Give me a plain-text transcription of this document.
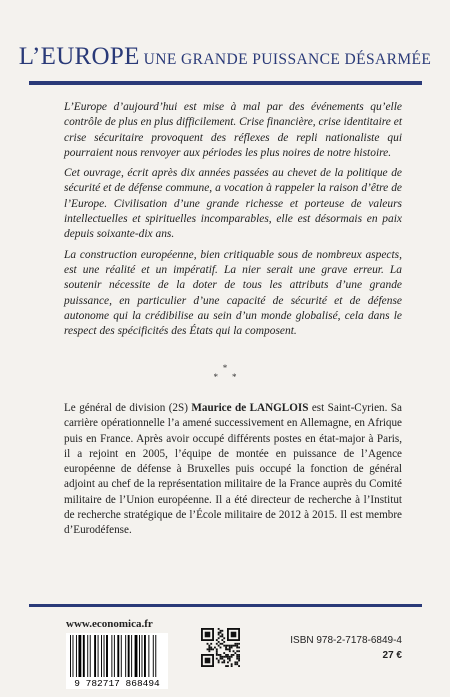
L’EUROPE UNE GRANDE PUISSANCE DÉSARMÉE

L’Europe d’aujourd’hui est mise à mal par des événements qu’elle contrôle de plus en plus difficilement. Crise financière, crise identitaire et crise sécuritaire provoquent des réflexes de repli nationaliste qui pourraient nous renvoyer aux périodes les plus noires de notre histoire.

Cet ouvrage, écrit après dix années passées au chevet de la politique de sécurité et de défense commune, a vocation à rappeler la raison d’être de l’Europe. Civilisation d’une grande richesse et porteuse de valeurs intellectuelles et spirituelles incomparables, elle est désormais en paix depuis soixante-dix ans.

La construction européenne, bien critiquable sous de nombreux aspects, est une réalité et un impératif. La nier serait une grave erreur. La soutenir nécessite de la doter de tous les attributs d’une grande puissance, en particulier d’une capacité de sécurité et de défense autonome qui la crédibilise au sein d’un monde globalisé, cela dans le respect des spécificités des États qui la composent.

*
**

Le général de division (2S) Maurice de LANGLOIS est Saint-Cyrien. Sa carrière opérationnelle l’a amené successivement en Allemagne, en Afrique puis en France. Après avoir occupé différents postes en état-major à Paris, il a rejoint en 2005, l’équipe de montée en puissance de l’Agence européenne de défense à Bruxelles puis occupé la fonction de général adjoint au chef de la représentation militaire de la France auprès du Comité militaire de l’Union européenne. Il a été directeur de recherche à l’Institut de recherche stratégique de l’École militaire de 2012 à 2015. Il est membre d’Eurodéfense.

www.economica.fr
9 782717 868494
ISBN 978-2-7178-6849-4
27 €
